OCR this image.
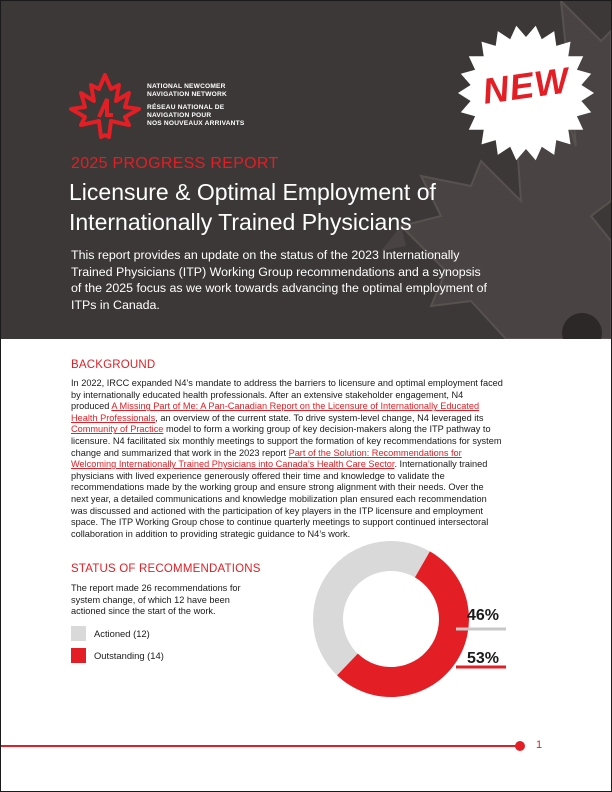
NATIONAL NEWCOMER
NAVIGATION NETWORK
RÉSEAU NATIONAL DE
NAVIGATION POUR
NOS NOUVEAUX ARRIVANTS
2025 PROGRESS REPORT
Licensure & Optimal Employment of Internationally Trained Physicians
This report provides an update on the status of the 2023 Internationally Trained Physicians (ITP) Working Group recommendations and a synopsis of the 2025 focus as we work towards advancing the optimal employment of ITPs in Canada.
NEW
BACKGROUND
In 2022, IRCC expanded N4’s mandate to address the barriers to licensure and optimal employment faced by internationally educated health professionals. After an extensive stakeholder engagement, N4 produced A Missing Part of Me: A Pan-Canadian Report on the Licensure of Internationally Educated Health Professionals, an overview of the current state. To drive system-level change, N4 leveraged its Community of Practice model to form a working group of key decision-makers along the ITP pathway to licensure. N4 facilitated six monthly meetings to support the formation of key recommendations for system change and summarized that work in the 2023 report Part of the Solution: Recommendations for Welcoming Internationally Trained Physicians into Canada’s Health Care Sector. Internationally trained physicians with lived experience generously offered their time and knowledge to validate the recommendations made by the working group and ensure strong alignment with their needs. Over the next year, a detailed communications and knowledge mobilization plan ensured each recommendation was discussed and actioned with the participation of key players in the ITP licensure and employment space. The ITP Working Group chose to continue quarterly meetings to support continued intersectoral collaboration in addition to providing strategic guidance to N4’s work.
STATUS OF RECOMMENDATIONS
The report made 26 recommendations for system change, of which 12 have been actioned since the start of the work.
Actioned (12)
Outstanding (14)
46%
53%
1
